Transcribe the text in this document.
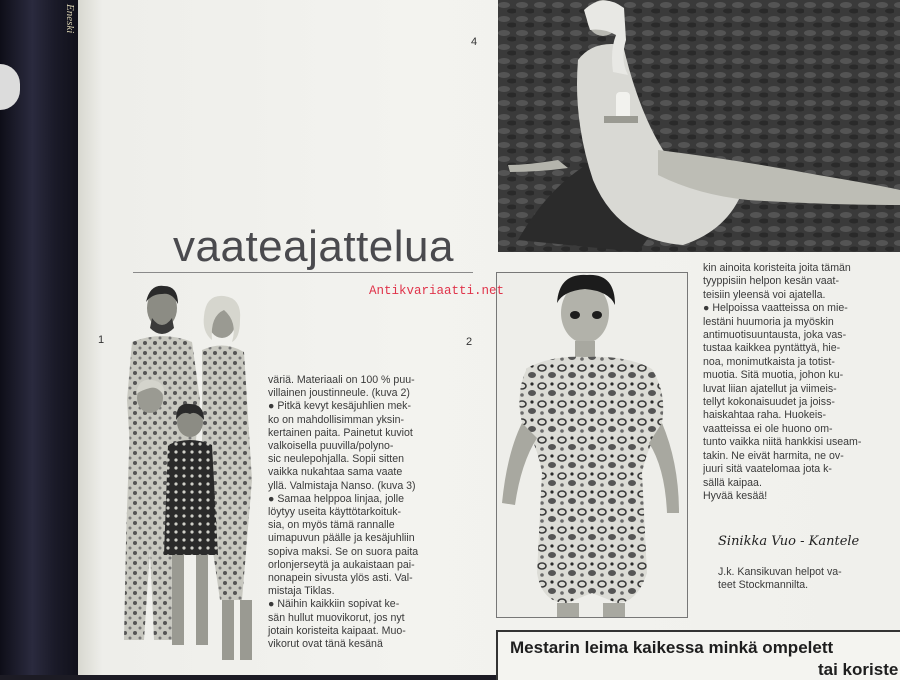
Eneski
4
vaateajattelua
1	2

väriä. Materiaali on 100 % puu-

villainen joustinneule. (kuva 2)

● Pitkä kevyt kesäjuhlien mek-

ko on mahdollisimman yksin-

kertainen paita. Painetut kuviot

valkoisella puuvilla/polyno-

sic neulepohjalla. Sopii sitten

vaikka nukahtaa sama vaate

yllä. Valmistaja Nanso. (kuva 3)

● Samaa helppoa linjaa, jolle

löytyy useita käyttötarkoituk-

sia, on myös tämä rannalle

uimapuvun päälle ja kesäjuhliin

sopiva maksi. Se on suora paita

orlonjerseytä ja aukaistaan pai-

nonapein sivusta ylös asti. Val-

mistaja Tiklas.

● Näihin kaikkiin sopivat ke-

sän hullut muovikorut, jos nyt

jotain koristeita kaipaat. Muo-

vikorut ovat tänä kesänä

kin ainoita koristeita joita tämän

tyyppisiin helpon kesän vaat-

teisiin yleensä voi ajatella.

● Helpoissa vaatteissa on mie-

lestäni huumoria ja myöskin

antimuotisuuntausta, joka vas-

tustaa kaikkea pyntättyä, hie-

noa, monimutkaista ja totist-

muotia. Sitä muotia, johon ku-

luvat liian ajatellut ja viimeis-

tellyt kokonaisuudet ja joiss-

haiskahtaa raha. Huokeis-

vaatteissa ei ole huono om-

tunto vaikka niitä hankkisi useam-

takin. Ne eivät harmita, ne ov-

juuri sitä vaatelomaa jota k-

sällä kaipaa.

Hyvää kesää!

Sinikka Vuo - Kantele

J.k. Kansikuvan helpot va-

teet Stockmannilta.

Mestarin leima kaikessa minkä ompelett
tai koriste
Antikvariaatti.net
